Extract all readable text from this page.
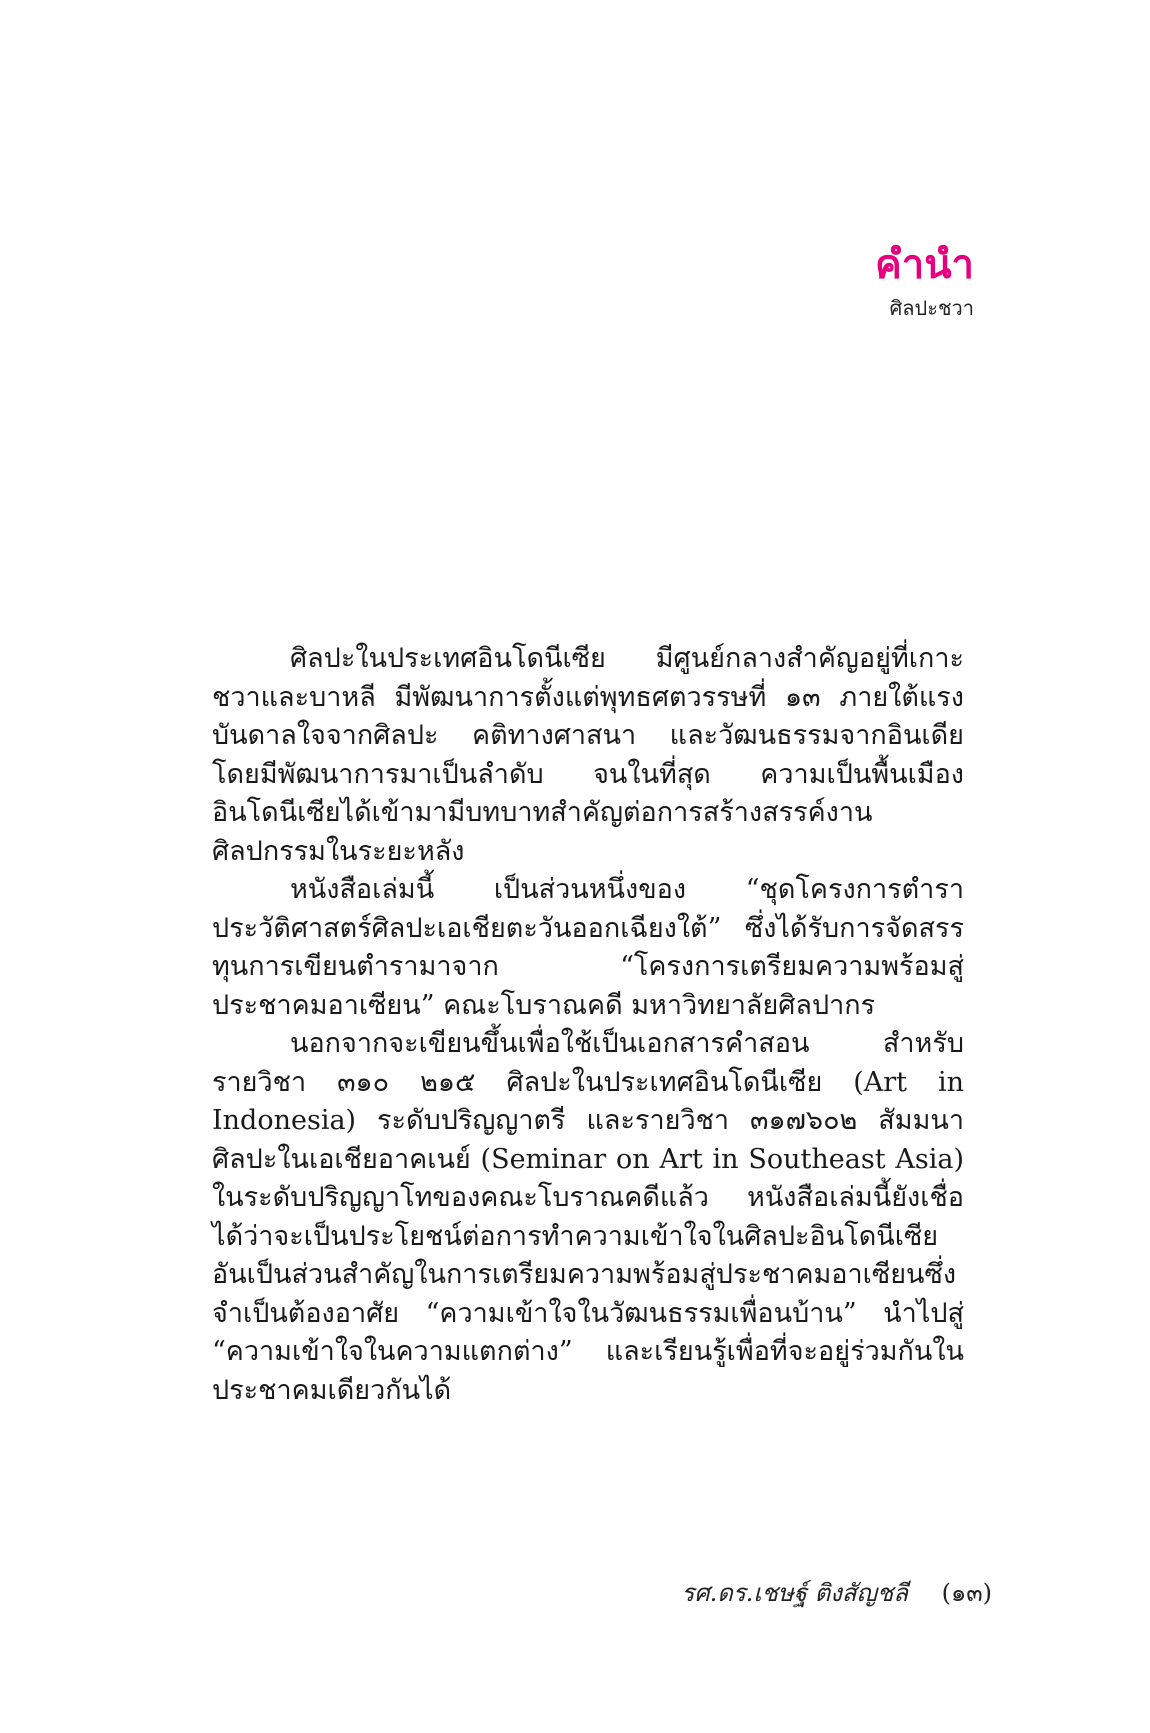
คำนำ
ศิลปะชวา

ศิลปะในประเทศอินโดนีเซีย มีศูนย์กลางสำคัญอยู่ที่เกาะชวาและบาหลี มีพัฒนาการตั้งแต่พุทธศตวรรษที่ ๑๓ ภายใต้แรงบันดาลใจจากศิลปะ คติทางศาสนา และวัฒนธรรมจากอินเดีย โดยมีพัฒนาการมาเป็นลำดับ จนในที่สุด ความเป็นพื้นเมืองอินโดนีเซียได้เข้ามามีบทบาทสำคัญต่อการสร้างสรรค์งานศิลปกรรมในระยะหลัง

หนังสือเล่มนี้ เป็นส่วนหนึ่งของ “ชุดโครงการตำราประวัติศาสตร์ศิลปะเอเชียตะวันออกเฉียงใต้” ซึ่งได้รับการจัดสรรทุนการเขียนตำรามาจาก “โครงการเตรียมความพร้อมสู่ประชาคมอาเซียน” คณะโบราณคดี มหาวิทยาลัยศิลปากร

นอกจากจะเขียนขึ้นเพื่อใช้เป็นเอกสารคำสอน สำหรับรายวิชา ๓๑๐ ๒๑๕ ศิลปะในประเทศอินโดนีเซีย (Art in Indonesia) ระดับปริญญาตรี และรายวิชา ๓๑๗๖๐๒ สัมมนาศิลปะในเอเชียอาคเนย์ (Seminar on Art in Southeast Asia) ในระดับปริญญาโทของคณะโบราณคดีแล้ว หนังสือเล่มนี้ยังเชื่อได้ว่าจะเป็นประโยชน์ต่อการทำความเข้าใจในศิลปะอินโดนีเซีย อันเป็นส่วนสำคัญในการเตรียมความพร้อมสู่ประชาคมอาเซียนซึ่งจำเป็นต้องอาศัย “ความเข้าใจในวัฒนธรรมเพื่อนบ้าน” นำไปสู่ “ความเข้าใจในความแตกต่าง” และเรียนรู้เพื่อที่จะอยู่ร่วมกันในประชาคมเดียวกันได้

รศ.ดร.เชษฐ์ ติงสัญชลี (๑๓)
